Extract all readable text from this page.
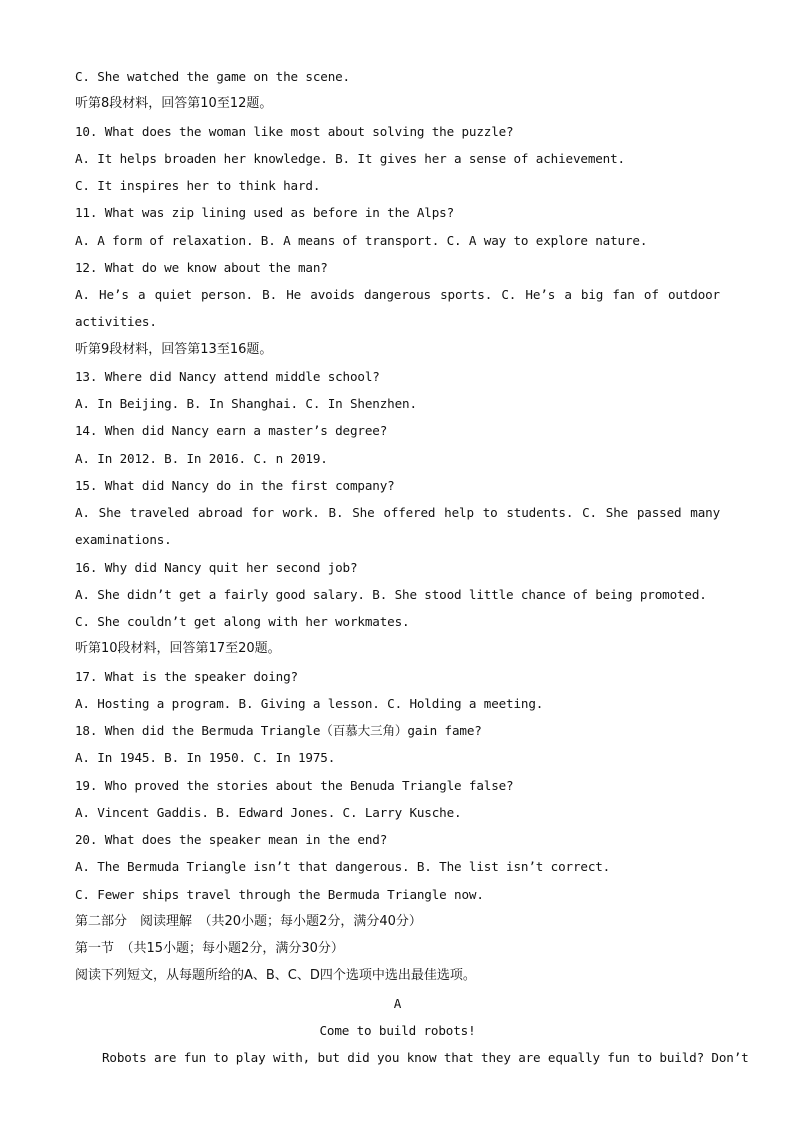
C. She watched the game on the scene.
听第8段材料，回答第10至12题。
10. What does the woman like most about solving the puzzle?
A. It helps broaden her knowledge. B. It gives her a sense of achievement.
C. It inspires her to think hard.
11. What was zip lining used as before in the Alps?
A. A form of relaxation. B. A means of transport. C. A way to explore nature.
12. What do we know about the man?
A. He’s a quiet person. B. He avoids dangerous sports. C. He’s a big fan of outdoor
activities.
听第9段材料，回答第13至16题。
13. Where did Nancy attend middle school?
A. In Beijing. B. In Shanghai. C. In Shenzhen.
14. When did Nancy earn a master’s degree?
A. In 2012. B. In 2016. C. n 2019.
15. What did Nancy do in the first company?
A. She traveled abroad for work. B. She offered help to students. C. She passed many
examinations.
16. Why did Nancy quit her second job?
A. She didn’t get a fairly good salary. B. She stood little chance of being promoted.
C. She couldn’t get along with her workmates.
听第10段材料，回答第17至20题。
17. What is the speaker doing?
A. Hosting a program. B. Giving a lesson. C. Holding a meeting.
18. When did the Bermuda Triangle（百慕大三角）gain fame?
A. In 1945. B. In 1950. C. In 1975.
19. Who proved the stories about the Benuda Triangle false?
A. Vincent Gaddis. B. Edward Jones. C. Larry Kusche.
20. What does the speaker mean in the end?
A. The Bermuda Triangle isn’t that dangerous. B. The list isn’t correct.
C. Fewer ships travel through the Bermuda Triangle now.
第二部分　阅读理解　（共20小题；每小题2分，满分40分）
第一节　（共15小题；每小题2分，满分30分）
阅读下列短文，从每题所给的A、B、C、D四个选项中选出最佳选项。
A
Come to build robots!
Robots are fun to play with, but did you know that they are equally fun to build? Don’t
